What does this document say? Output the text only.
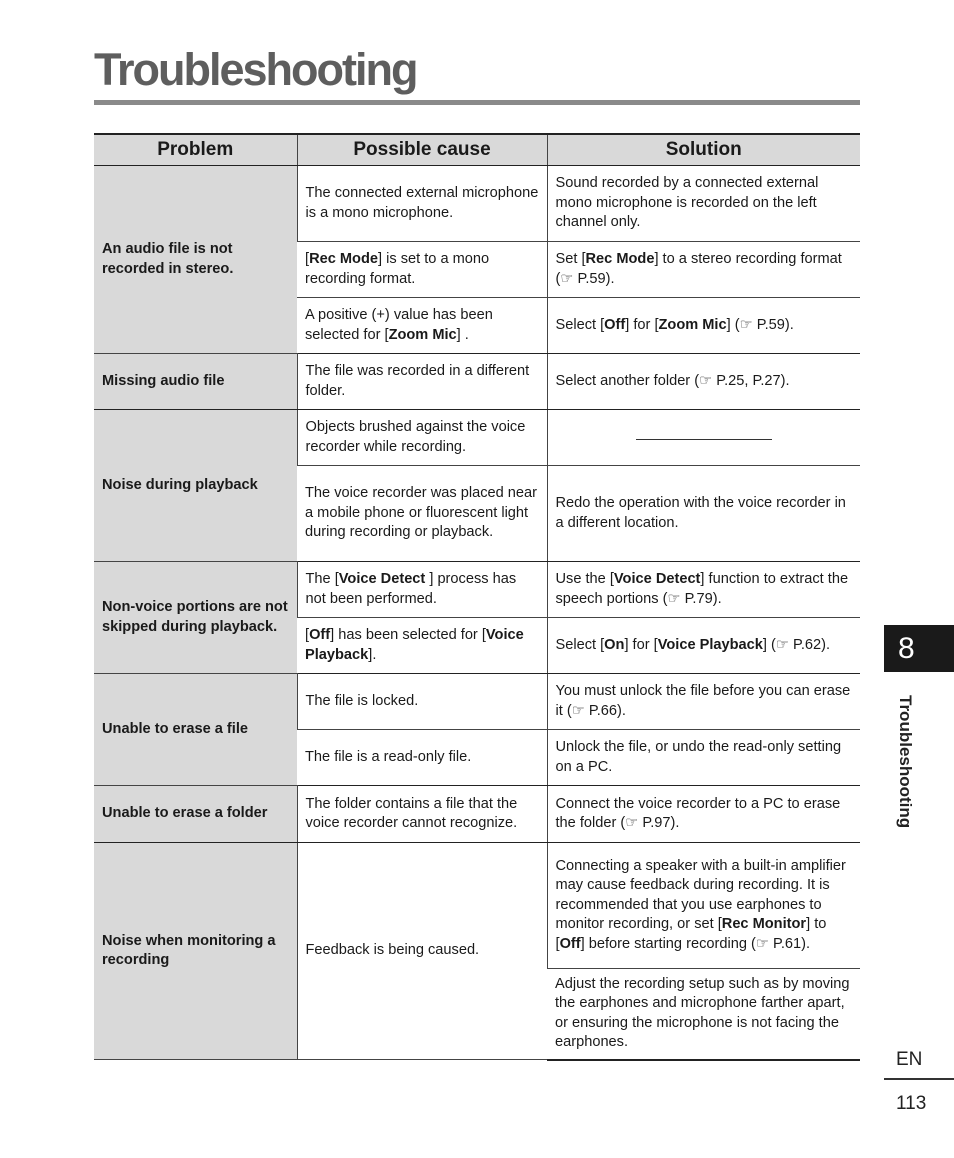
Troubleshooting
Problem	Possible cause	Solution
An audio file is not recorded in stereo.	The connected external microphone is a mono microphone.	Sound recorded by a connected external mono microphone is recorded on the left channel only.
	[Rec Mode] is set to a mono recording format.	Set [Rec Mode] to a stereo recording format (☞ P.59).
	A positive (+) value has been selected for [Zoom Mic] .	Select [Off] for [Zoom Mic] (☞ P.59).
Missing audio file	The file was recorded in a different folder.	Select another folder (☞ P.25, P.27).
Noise during playback	Objects brushed against the voice recorder while recording.	

	The voice recorder was placed near a mobile phone or fluorescent light during recording or playback.	Redo the operation with the voice recorder in a different location.
Non-voice portions are not skipped during playback.	The [Voice Detect ] process has not been performed.	Use the [Voice Detect] function to extract the speech portions (☞ P.79).
	[Off] has been selected for [Voice Playback].	Select [On] for [Voice Playback] (☞ P.62).
Unable to erase a file	The file is locked.	You must unlock the file before you can erase it (☞ P.66).
	The file is a read-only file.	Unlock the file, or undo the read-only setting on a PC.
Unable to erase a folder	The folder contains a file that the voice recorder cannot recognize.	Connect the voice recorder to a PC to erase the folder (☞ P.97).
Noise when monitoring a recording	Feedback is being caused.	Connecting a speaker with a built-in amplifier may cause feedback during recording. It is recommended that you use earphones to monitor recording, or set [Rec Monitor] to [Off] before starting recording (☞ P.61).
		Adjust the recording setup such as by moving the earphones and microphone farther apart, or ensuring the microphone is not facing the earphones.
8
Troubleshooting
EN
113
